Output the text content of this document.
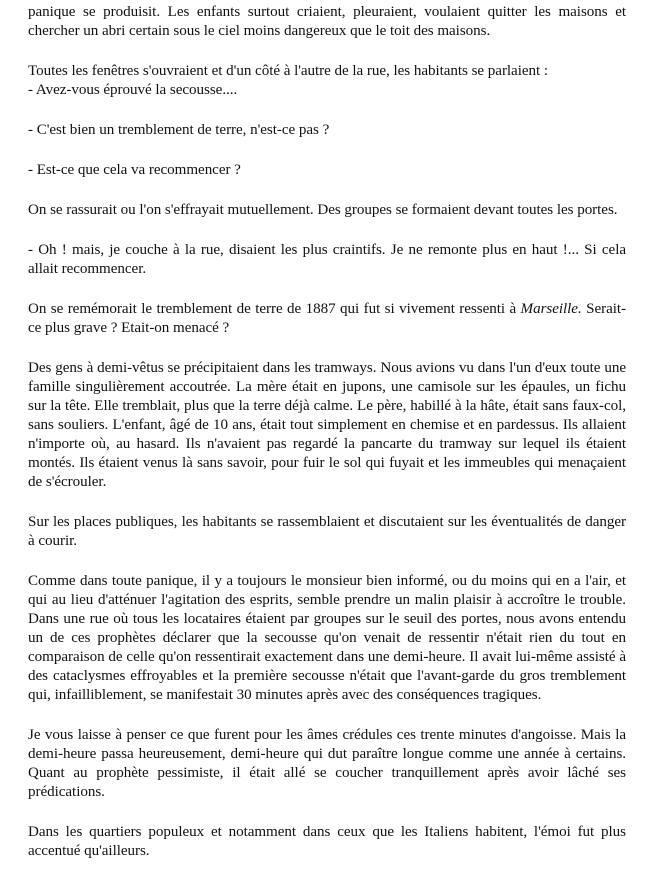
panique se produisit. Les enfants surtout criaient, pleuraient, voulaient quitter les maisons et chercher un abri certain sous le ciel moins dangereux que le toit des maisons.

Toutes les fenêtres s'ouvraient et d'un côté à l'autre de la rue, les habitants se parlaient :
- Avez-vous éprouvé la secousse....

- C'est bien un tremblement de terre, n'est-ce pas ?

- Est-ce que cela va recommencer ?

On se rassurait ou l'on s'effrayait mutuellement. Des groupes se formaient devant toutes les portes.

- Oh ! mais, je couche à la rue, disaient les plus craintifs. Je ne remonte plus en haut !... Si cela allait recommencer.

On se remémorait le tremblement de terre de 1887 qui fut si vivement ressenti à Marseille. Serait-ce plus grave ? Etait-on menacé ?

Des gens à demi-vêtus se précipitaient dans les tramways. Nous avions vu dans l'un d'eux toute une famille singulièrement accoutrée. La mère était en jupons, une camisole sur les épaules, un fichu sur la tête. Elle tremblait, plus que la terre déjà calme. Le père, habillé à la hâte, était sans faux-col, sans souliers. L'enfant, âgé de 10 ans, était tout simplement en chemise et en pardessus. Ils allaient n'importe où, au hasard. Ils n'avaient pas regardé la pancarte du tramway sur lequel ils étaient montés. Ils étaient venus là sans savoir, pour fuir le sol qui fuyait et les immeubles qui menaçaient de s'écrouler.

Sur les places publiques, les habitants se rassemblaient et discutaient sur les éventualités de danger à courir.

Comme dans toute panique, il y a toujours le monsieur bien informé, ou du moins qui en a l'air, et qui au lieu d'atténuer l'agitation des esprits, semble prendre un malin plaisir à accroître le trouble. Dans une rue où tous les locataires étaient par groupes sur le seuil des portes, nous avons entendu un de ces prophètes déclarer que la secousse qu'on venait de ressentir n'était rien du tout en comparaison de celle qu'on ressentirait exactement dans une demi-heure. Il avait lui-même assisté à des cataclysmes effroyables et la première secousse n'était que l'avant-garde du gros tremblement qui, infailliblement, se manifestait 30 minutes après avec des conséquences tragiques.

Je vous laisse à penser ce que furent pour les âmes crédules ces trente minutes d'angoisse. Mais la demi-heure passa heureusement, demi-heure qui dut paraître longue comme une année à certains. Quant au prophète pessimiste, il était allé se coucher tranquillement après avoir lâché ses prédications.

Dans les quartiers populeux et notamment dans ceux que les Italiens habitent, l'émoi fut plus accentué qu'ailleurs.
